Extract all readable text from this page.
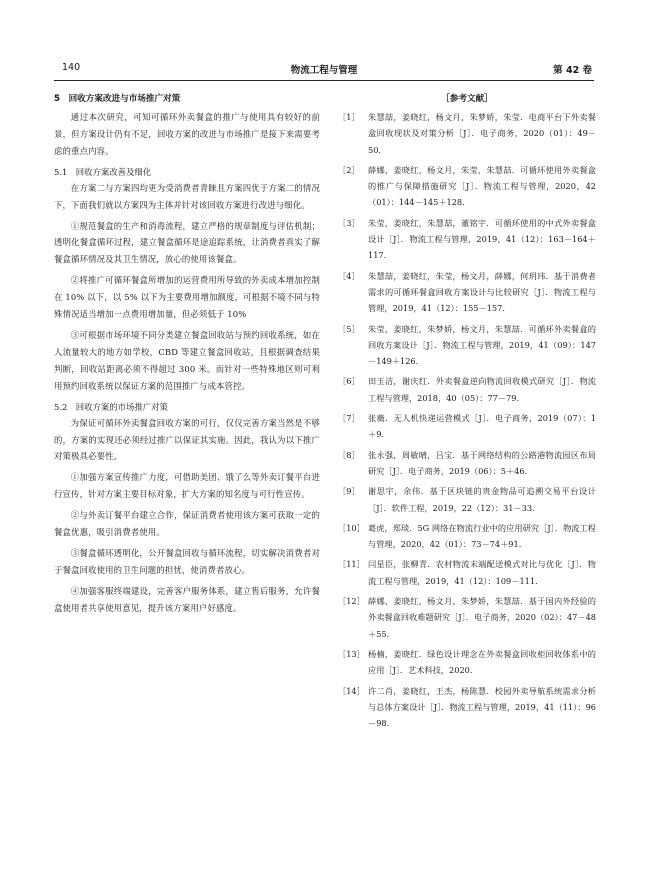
140	物流工程与管理	第 42 卷
5　回收方案改进与市场推广对策

通过本次研究，可知可循环外卖餐盒的推广与使用具有较好的前景，但方案设计仍有不足，回收方案的改进与市场推广是接下来需要考虑的重点内容。

5.1　回收方案改善及细化

在方案二与方案四均更为受消费者青睐且方案四优于方案二的情况下，下面我们就以方案四为主体并针对该回收方案进行改进与细化。

①规范餐盒的生产和消毒流程，建立严格的规章制度与评估机制；透明化餐盒循环过程，建立餐盒循环是途追踪系统，让消费者真实了解餐盒循环情况及其卫生情况，放心的使用该餐盒。

②将推广可循环餐盒所增加的运营费用所导致的外卖成本增加控制在 10% 以下，以 5% 以下为主要费用增加额度，可根据不境不同与特殊情况适当增加一点费用增加量，但必须低于 10%

③可根据市场环境不同分类建立餐盒回收站与预约回收系统，如在人流量较大的地方如学校，CBD 等建立餐盒回收站，且根据调查结果判断，回收站距离必须不得超过 300 米。而针对一些特殊地区则可利用预约回收系统以保证方案的范围推广与成本管控。

5.2　回收方案的市场推广对策

为保证可循环外卖餐盒回收方案的可行，仅仅完善方案当然是不够的，方案的实现还必须经过推广以保证其实施。因此，我认为以下推广对策极具必要性。

①加强方案宣传推广力度，可借助美团、饿了么等外卖订餐平台进行宣传，针对方案主要目标对象，扩大方案的知名度与可行性宣传。

②与外卖订餐平台建立合作，保证消费者使用该方案可获取一定的餐盒优惠，吸引消费者使用。

③餐盒循环透明化，公开餐盒回收与循环流程，切实解决消费者对于餐盒回收使用的卫生问题的担忧，使消费者放心。

④加强客服终端建设，完善客户服务体系，建立售后服务，允许餐盒使用者共享使用意见，提升该方案用户好感度。

［参考文献］
［1］ 朱慧喆，姜晓红，杨文月，朱梦娇，朱莹．电商平台下外卖餐盒回收现状及对策分析［J］．电子商务，2020（01）：49－50.
［2］ 薛娜，姜晓红，杨文月，朱莹，朱慧喆．可循环使用外卖餐盒的推广与保障措施研究［J］．物流工程与管理，2020，42（01）：144－145＋128.
［3］ 朱莹，姜晓红，朱慧喆，董铭宇．可循环使用的中式外卖餐盒设计［J］．物流工程与管理，2019，41（12）：163－164＋117.
［4］ 朱慧喆，姜晓红，朱莹，杨文月，薛娜，何玥玮．基于消费者需求的可循环餐盒回收方案设计与比较研究［J］．物流工程与管理，2019，41（12）：155－157.
［5］ 朱莹，姜晓红，朱梦娇，杨文月，朱慧喆．可循环外卖餐盒的回收方案设计［J］．物流工程与管理，2019，41（09）：147－149＋126.
［6］ 田玉洁，谢庆红．外卖餐盒逆向物流回收模式研究［J］．物流工程与管理，2018，40（05）：77－79.
［7］ 张薇．无人机快递运营模式［J］．电子商务，2019（07）：1＋9.
［8］ 张永强，周敏晴，吕宝．基于网络结构的公路港物流园区布局研究［J］．电子商务，2019（06）：5＋46.
［9］ 谢思宇，余伟．基于区块链的贵金物品可追溯交易平台设计［J］．软件工程，2019，22（12）：31－33.
［10］ 葛虎，郑琰．5G 网络在物流行业中的应用研究［J］．物流工程与管理，2020，42（01）：73－74＋91.
［11］ 闫星臣，张柳青．农村物流末端配送模式对比与优化［J］．物流工程与管理，2019，41（12）：109－111.
［12］ 薛娜，姜晓红，杨文月，朱梦娇，朱慧喆．基于国内外经验的外卖餐盒回收难题研究［J］．电子商务，2020（02）：47－48＋55.
［13］ 杨楠，姜晓红．绿色设计理念在外卖餐盒回收柜回收体系中的应用［J］．艺术科技，2020.
［14］ 许二肖，姜晓红，王杰，杨陈慧．校园外卖导航系统需求分析与总体方案设计［J］．物流工程与管理，2019，41（11）：96－98.
